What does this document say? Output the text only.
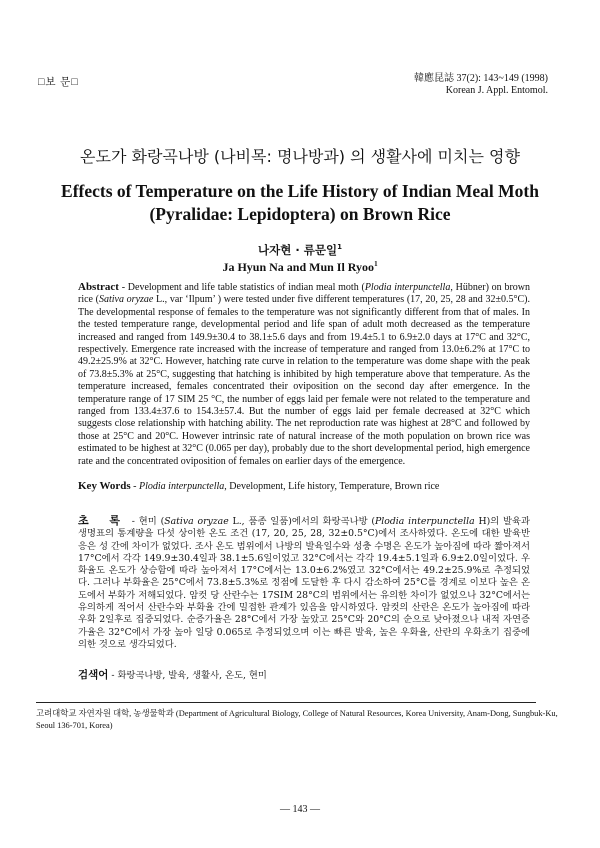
□보 문□	韓應昆誌 37(2): 143~149 (1998)
Korean J. Appl. Entomol.
온도가 화랑곡나방 (나비목: 명나방과) 의 생활사에 미치는 영향
Effects of Temperature on the Life History of Indian Meal Moth
(Pyralidae: Lepidoptera) on Brown Rice
나자현 · 류문일$^1$
Ja Hyun Na and Mun Il Ryoo$^1$

Abstract - Development and life table statistics of indian meal moth (Plodia interpunctella, Hübner) on brown rice (Sativa oryzae L., var ‘Ilpum’ ) were tested under five different temperatures (17, 20, 25, 28 and 32±0.5°C). The developmental response of females to the temperature was not significantly different from that of males. In the tested temperature range, developmental period and life span of adult moth decreased as the temperature increased and ranged from 149.9±30.4 to 38.1±5.6 days and from 19.4±5.1 to 6.9±2.0 days at 17°C and 32°C, respectively. Emergence rate increased with the increase of temperature and ranged from 13.0±6.2% at 17°C to 49.2±25.9% at 32°C. However, hatching rate curve in relation to the temperature was dome shape with the peak of 73.8±5.3% at 25°C, suggesting that hatching is inhibited by high temperature above that temperature. As the temperature increased, females concentrated their oviposition on the second day after emergence. In the temperature range of 17 SIM 25 °C, the number of eggs laid per female were not related to the temperature and ranged from 133.4±37.6 to 154.3±57.4. But the number of eggs laid per female decreased at 32°C which suggests close relationship with hatching ability. The net reproduction rate was highest at 28°C and followed by those at 25°C and 20°C. However intrinsic rate of natural increase of the moth population on brown rice was estimated to be highest at 32°C (0.065 per day), probably due to the short developmental period, high emergence rate and the concentrated oviposition of females on earlier days of the emergence.

Key Words - Plodia interpunctella, Development, Life history, Temperature, Brown rice

초 록 - 현미 (Sativa oryzae L., 품종 일품)에서의 화랑곡나방 (Plodia interpunctella H)의 발육과 생명표의 통계량을 다섯 상이한 온도 조건 (17, 20, 25, 28, 32±0.5°C)에서 조사하였다. 온도에 대한 발육반응은 성 간에 차이가 없었다. 조사 온도 범위에서 나방의 발육일수와 성충 수명은 온도가 높아짐에 따라 짧아져서 17°C에서 각각 149.9±30.4일과 38.1±5.6일이었고 32°C에서는 각각 19.4±5.1일과 6.9±2.0일이었다. 우화율도 온도가 상승함에 따라 높아져서 17°C에서는 13.0±6.2%였고 32°C에서는 49.2±25.9%로 추정되었다. 그러나 부화율은 25°C에서 73.8±5.3%로 정점에 도달한 후 다시 감소하여 25°C를 경계로 이보다 높은 온도에서 부화가 저해되었다. 암컷 당 산란수는 17SIM 28°C의 범위에서는 유의한 차이가 없었으나 32°C에서는 유의하게 적어서 산란수와 부화율 간에 밀접한 관계가 있음을 암시하였다. 암컷의 산란은 온도가 높아짐에 따라 우화 2일후로 집중되었다. 순증가율은 28°C에서 가장 높았고 25°C와 20°C의 순으로 낮아졌으나 내적 자연증가율은 32°C에서 가장 높아 일당 0.065로 추정되었으며 이는 빠른 발육, 높은 우화율, 산란의 우화초기 집중에 의한 것으로 생각되었다.

검색어 - 화랑곡나방, 발육, 생활사, 온도, 현미

고려대학교 자연자원 대학, 농생물학과 (Department of Agricultural Biology, College of Natural Resources, Korea University, Anam-Dong, Sungbuk-Ku, Seoul 136-701, Korea)

— 143 —
